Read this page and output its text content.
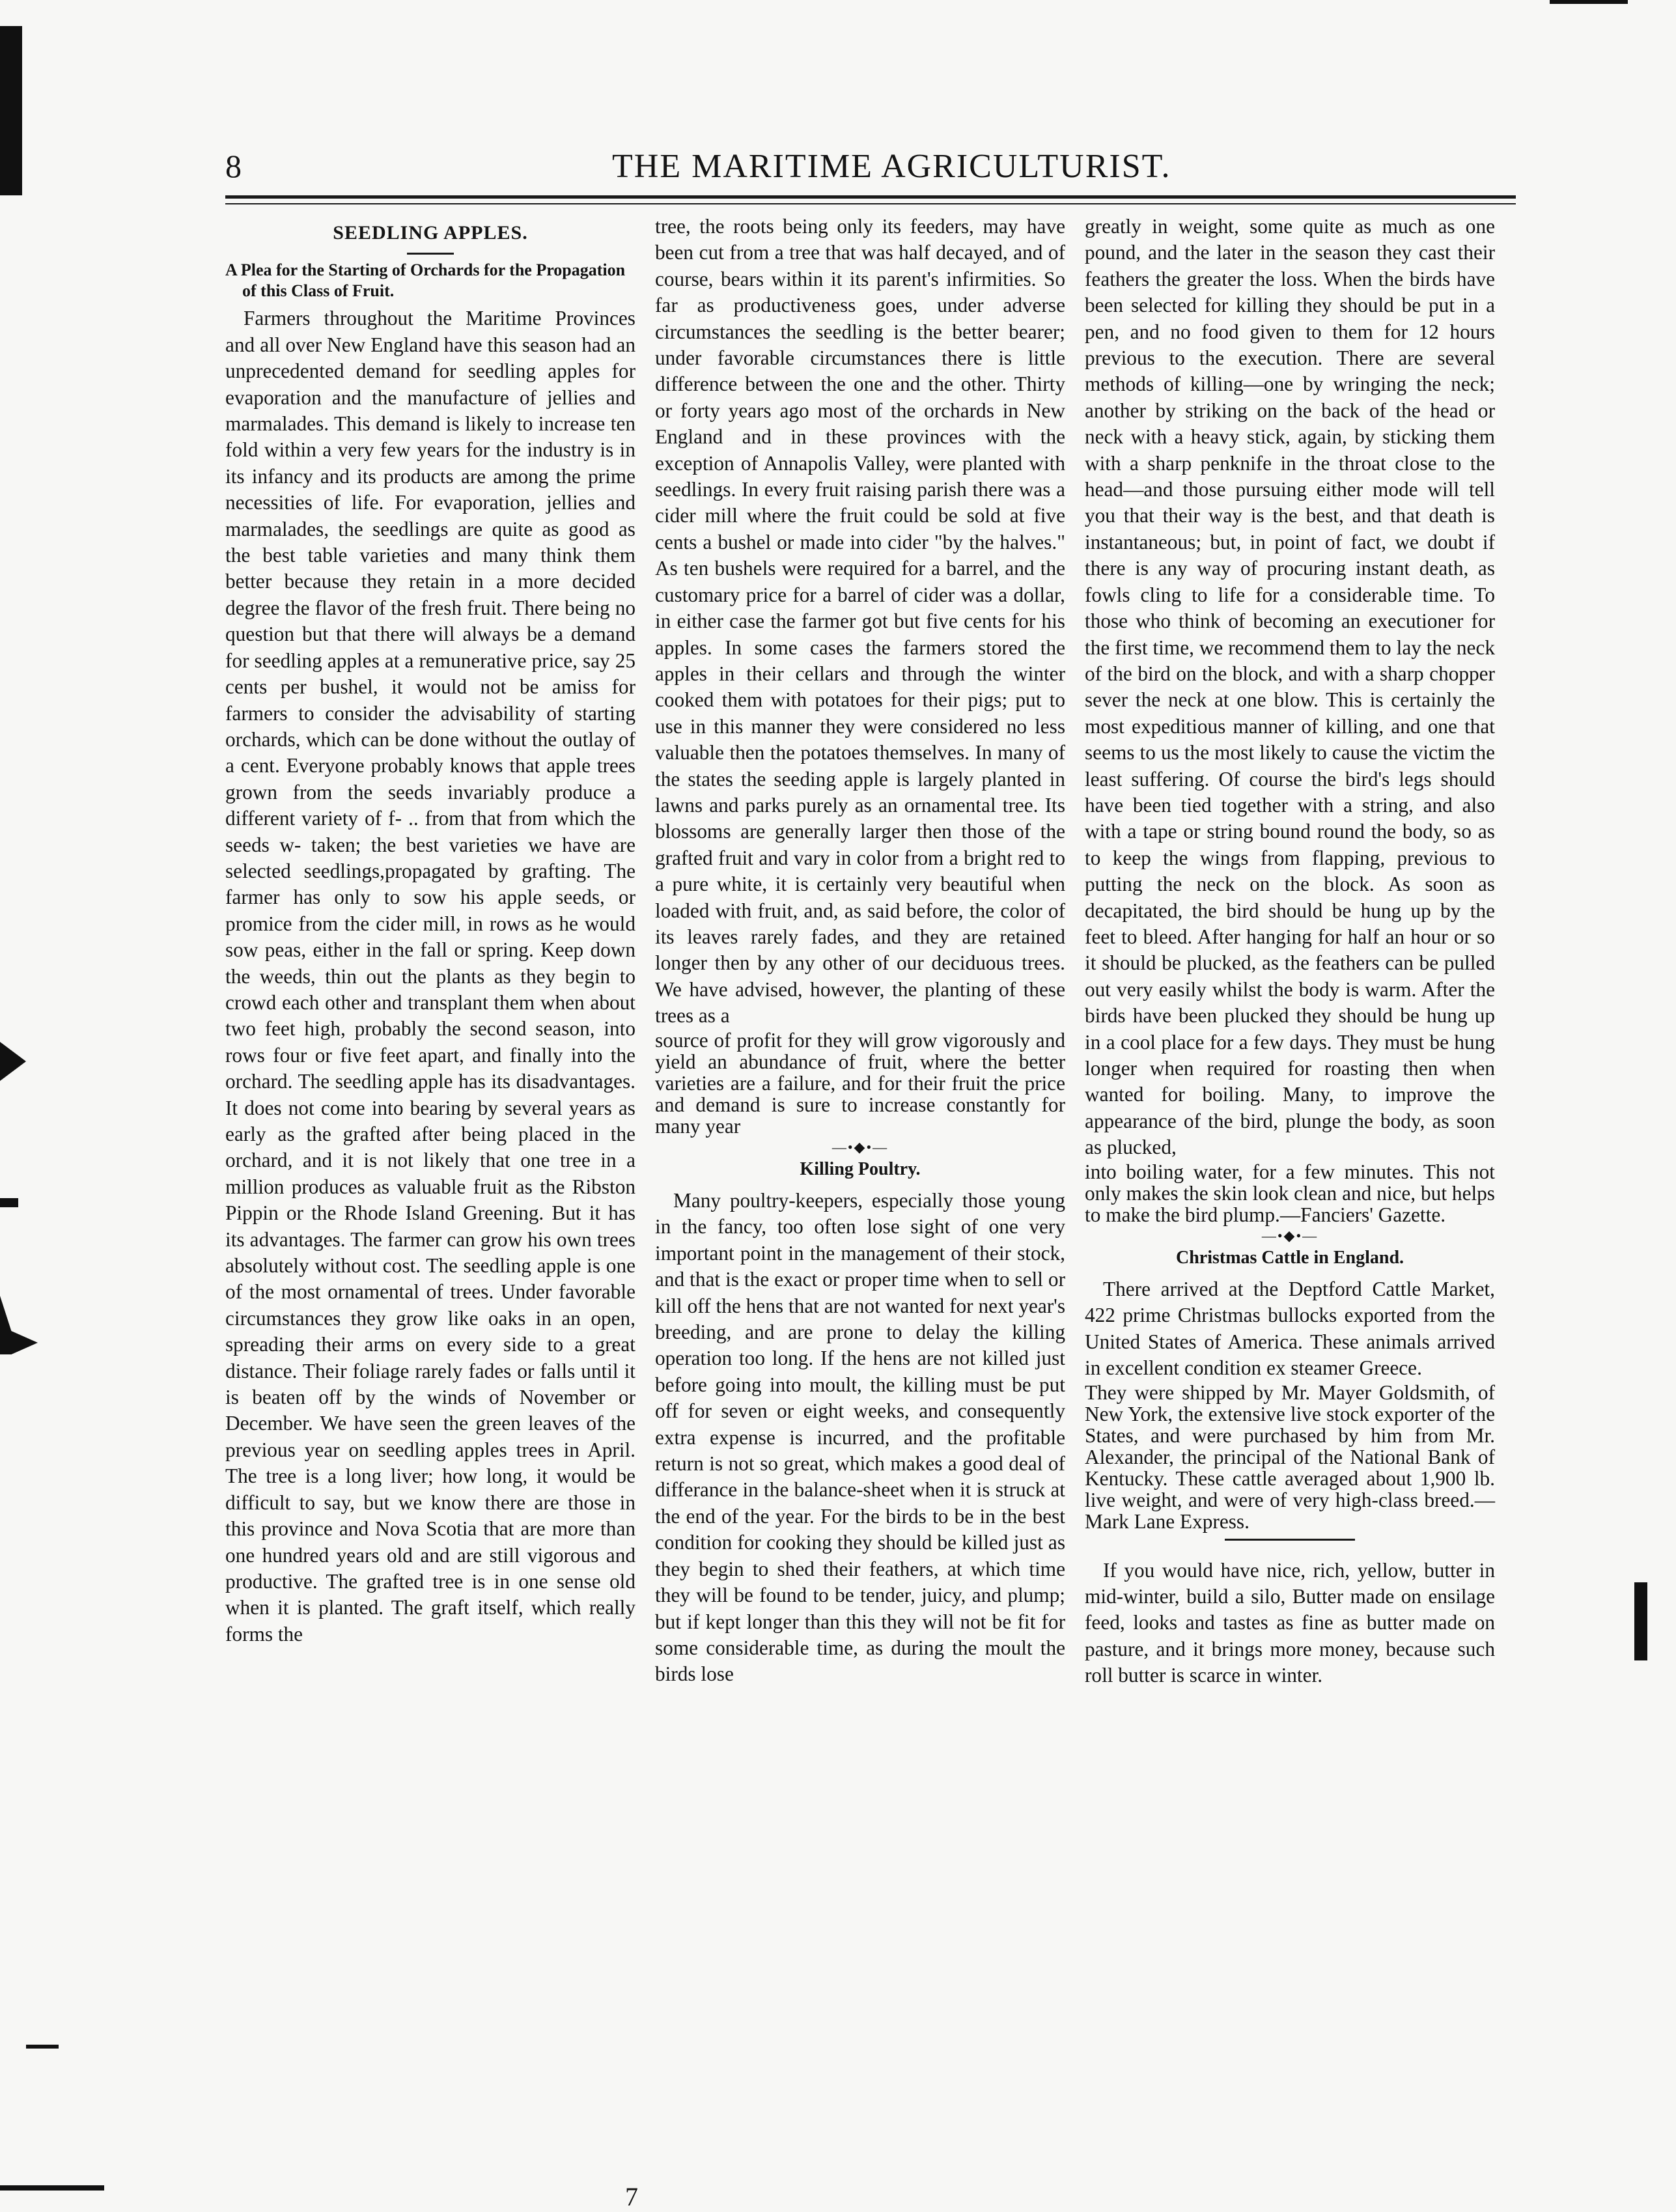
8	THE MARITIME AGRICULTURIST.
SEEDLING APPLES.
A Plea for the Starting of Orchards for the Propagation of this Class of Fruit.

Farmers throughout the Maritime Provinces and all over New England have this season had an unprecedented demand for seedling apples for evaporation and the manufacture of jellies and marmalades. This demand is likely to increase ten fold within a very few years for the industry is in its infancy and its products are among the prime necessities of life. For evaporation, jellies and marmalades, the seedlings are quite as good as the best table varieties and many think them better because they retain in a more decided degree the flavor of the fresh fruit. There being no question but that there will always be a demand for seedling apples at a remunerative price, say 25 cents per bushel, it would not be amiss for farmers to consider the advisability of starting orchards, which can be done without the outlay of a cent. Everyone probably knows that apple trees grown from the seeds invariably produce a different variety of f- .. from that from which the seeds w- taken; the best varieties we have are selected seedlings,propagated by grafting. The farmer has only to sow his apple seeds, or promice from the cider mill, in rows as he would sow peas, either in the fall or spring. Keep down the weeds, thin out the plants as they begin to crowd each other and transplant them when about two feet high, probably the second season, into rows four or five feet apart, and finally into the orchard. The seedling apple has its disadvantages. It does not come into bearing by several years as early as the grafted after being placed in the orchard, and it is not likely that one tree in a million produces as valuable fruit as the Ribston Pippin or the Rhode Island Greening. But it has its advantages. The farmer can grow his own trees absolutely without cost. The seedling apple is one of the most ornamental of trees. Under favorable circumstances they grow like oaks in an open, spreading their arms on every side to a great distance. Their foliage rarely fades or falls until it is beaten off by the winds of November or December. We have seen the green leaves of the previous year on seedling apples trees in April. The tree is a long liver; how long, it would be difficult to say, but we know there are those in this province and Nova Scotia that are more than one hundred years old and are still vigorous and productive. The grafted tree is in one sense old when it is planted. The graft itself, which really forms the

tree, the roots being only its feeders, may have been cut from a tree that was half decayed, and of course, bears within it its parent's infirmities. So far as productiveness goes, under adverse circumstances the seedling is the better bearer; under favorable circumstances there is little difference between the one and the other. Thirty or forty years ago most of the orchards in New England and in these provinces with the exception of Annapolis Valley, were planted with seedlings. In every fruit raising parish there was a cider mill where the fruit could be sold at five cents a bushel or made into cider "by the halves." As ten bushels were required for a barrel, and the customary price for a barrel of cider was a dollar, in either case the farmer got but five cents for his apples. In some cases the farmers stored the apples in their cellars and through the winter cooked them with potatoes for their pigs; put to use in this manner they were considered no less valuable then the potatoes themselves. In many of the states the seeding apple is largely planted in lawns and parks purely as an ornamental tree. Its blossoms are generally larger then those of the grafted fruit and vary in color from a bright red to a pure white, it is certainly very beautiful when loaded with fruit, and, as said before, the color of its leaves rarely fades, and they are retained longer then by any other of our deciduous trees. We have advised, however, the planting of these trees as a

source of profit for they will grow vigorously and yield an abundance of fruit, where the better varieties are a failure, and for their fruit the price and demand is sure to increase constantly for many year

—•◆•—
Killing Poultry.

Many poultry-keepers, especially those young in the fancy, too often lose sight of one very important point in the management of their stock, and that is the exact or proper time when to sell or kill off the hens that are not wanted for next year's breeding, and are prone to delay the killing operation too long. If the hens are not killed just before going into moult, the killing must be put off for seven or eight weeks, and consequently extra expense is incurred, and the profitable return is not so great, which makes a good deal of differance in the balance-sheet when it is struck at the end of the year. For the birds to be in the best condition for cooking they should be killed just as they begin to shed their feathers, at which time they will be found to be tender, juicy, and plump; but if kept longer than this they will not be fit for some considerable time, as during the moult the birds lose

greatly in weight, some quite as much as one pound, and the later in the season they cast their feathers the greater the loss. When the birds have been selected for killing they should be put in a pen, and no food given to them for 12 hours previous to the execution. There are several methods of killing—one by wringing the neck; another by striking on the back of the head or neck with a heavy stick, again, by sticking them with a sharp penknife in the throat close to the head—and those pursuing either mode will tell you that their way is the best, and that death is instantaneous; but, in point of fact, we doubt if there is any way of procuring instant death, as fowls cling to life for a considerable time. To those who think of becoming an executioner for the first time, we recommend them to lay the neck of the bird on the block, and with a sharp chopper sever the neck at one blow. This is certainly the most expeditious manner of killing, and one that seems to us the most likely to cause the victim the least suffering. Of course the bird's legs should have been tied together with a string, and also with a tape or string bound round the body, so as to keep the wings from flapping, previous to putting the neck on the block. As soon as decapitated, the bird should be hung up by the feet to bleed. After hanging for half an hour or so it should be plucked, as the feathers can be pulled out very easily whilst the body is warm. After the birds have been plucked they should be hung up in a cool place for a few days. They must be hung longer when required for roasting then when wanted for boiling. Many, to improve the appearance of the bird, plunge the body, as soon as plucked,

into boiling water, for a few minutes. This not only makes the skin look clean and nice, but helps to make the bird plump.—Fanciers' Gazette.

—•◆•—
Christmas Cattle in England.

There arrived at the Deptford Cattle Market, 422 prime Christmas bullocks exported from the United States of America. These animals arrived in excellent condition ex steamer Greece.

They were shipped by Mr. Mayer Goldsmith, of New York, the extensive live stock exporter of the States, and were purchased by him from Mr. Alexander, the principal of the National Bank of Kentucky. These cattle averaged about 1,900 lb. live weight, and were of very high-class breed.—Mark Lane Express.

If you would have nice, rich, yellow, butter in mid-winter, build a silo, Butter made on ensilage feed, looks and tastes as fine as butter made on pasture, and it brings more money, because such roll butter is scarce in winter.

7
